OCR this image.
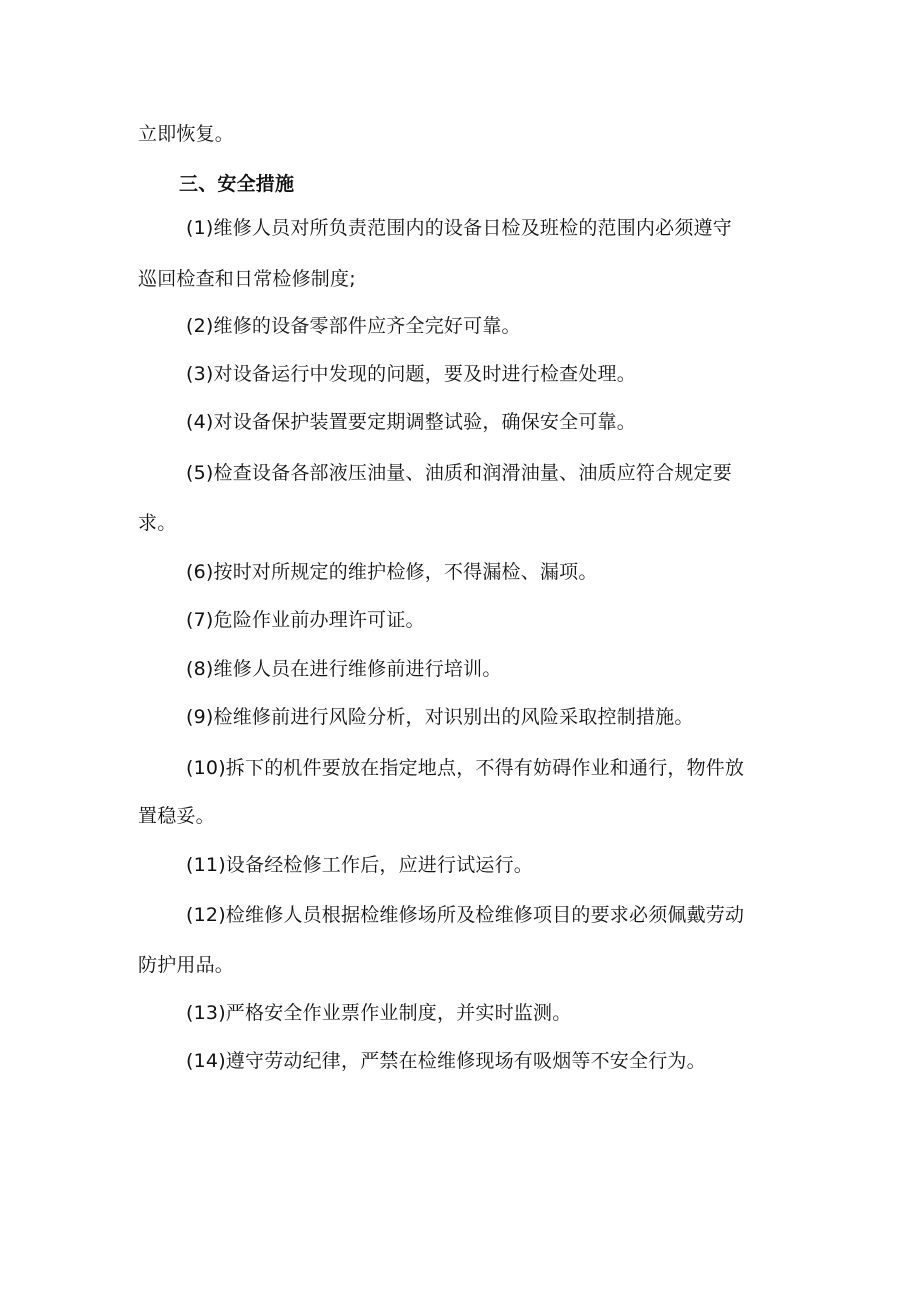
立即恢复。
三、安全措施
(1)维修人员对所负责范围内的设备日检及班检的范围内必须遵守
巡回检查和日常检修制度;
(2)维修的设备零部件应齐全完好可靠。
(3)对设备运行中发现的问题，要及时进行检查处理。
(4)对设备保护装置要定期调整试验，确保安全可靠。
(5)检查设备各部液压油量、油质和润滑油量、油质应符合规定要
求。
(6)按时对所规定的维护检修，不得漏检、漏项。
(7)危险作业前办理许可证。
(8)维修人员在进行维修前进行培训。
(9)检维修前进行风险分析，对识别出的风险采取控制措施。
(10)拆下的机件要放在指定地点，不得有妨碍作业和通行，物件放
置稳妥。
(11)设备经检修工作后，应进行试运行。
(12)检维修人员根据检维修场所及检维修项目的要求必须佩戴劳动
防护用品。
(13)严格安全作业票作业制度，并实时监测。
(14)遵守劳动纪律，严禁在检维修现场有吸烟等不安全行为。
